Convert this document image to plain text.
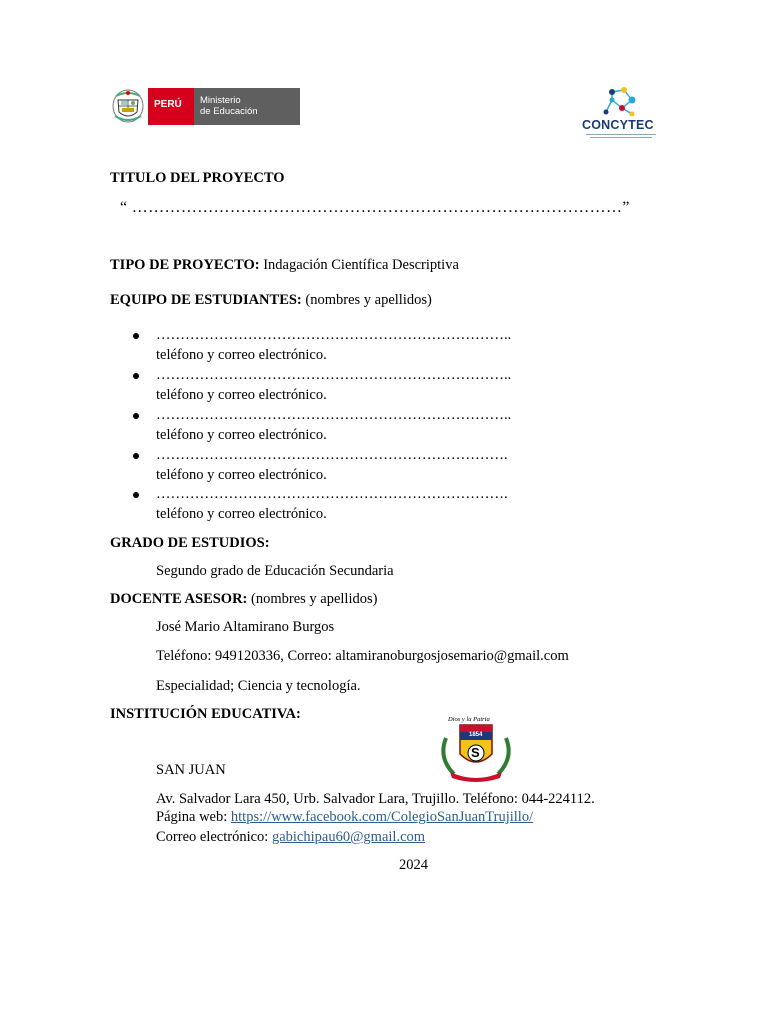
PERÚ Ministerio
de Educación
CONCYTEC
TITULO DEL PROYECTO
“ ………………………………………………………………………………”
TIPO DE PROYECTO: Indagación Científica Descriptiva
EQUIPO DE ESTUDIANTES: (nombres y apellidos)
………………………………………………………………..
teléfono y correo electrónico.
………………………………………………………………..
teléfono y correo electrónico.
………………………………………………………………..
teléfono y correo electrónico.
……………………………………………………………….
teléfono y correo electrónico.
……………………………………………………………….
teléfono y correo electrónico.
GRADO DE ESTUDIOS:
Segundo grado de Educación Secundaria
DOCENTE ASESOR: (nombres y apellidos)
José Mario Altamirano Burgos
Teléfono: 949120336, Correo: altamiranoburgosjosemario@gmail.com
Especialidad; Ciencia y tecnología.
INSTITUCIÓN EDUCATIVA:	Dios y la Patria
1854
S
SAN JUAN
Av. Salvador Lara 450, Urb. Salvador Lara, Trujillo. Teléfono: 044-224112.
Página web: https://www.facebook.com/ColegioSanJuanTrujillo/
Correo electrónico: gabichipau60@gmail.com
2024
